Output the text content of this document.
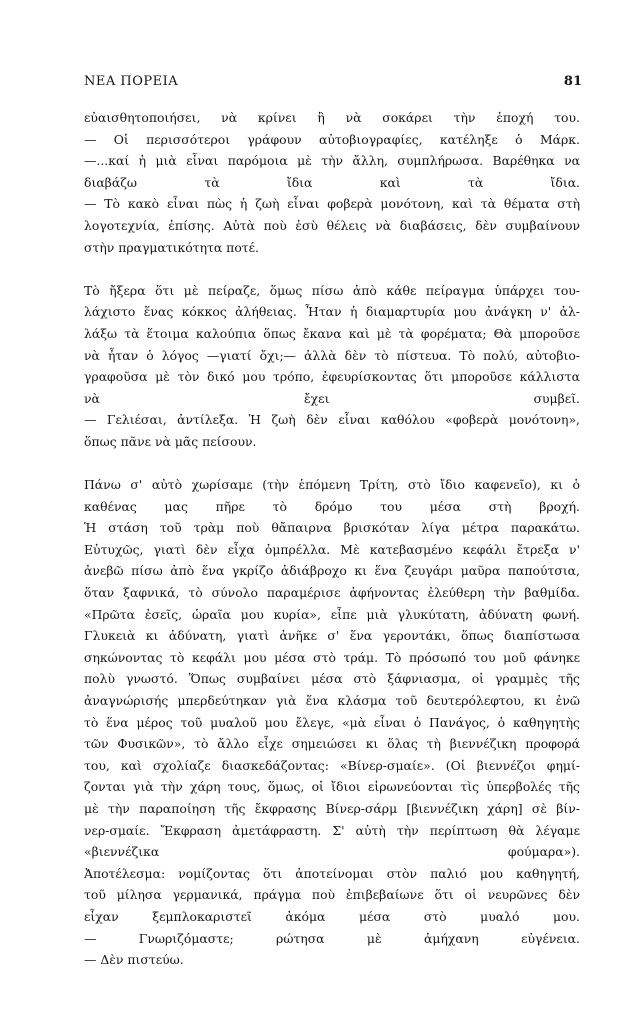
ΝΕΑ ΠΟΡΕΙΑ	81
εὐαισθητοποιήσει, νὰ κρίνει ἢ νὰ σοκάρει τὴν ἐποχή του.
— Οἱ περισσότεροι γράφουν αὐτοβιογραφίες, κατέληξε ὁ Μάρκ.
—...καί ἡ μιὰ εἶναι παρόμοια μὲ τὴν ἄλλη, συμπλήρωσα. Βαρέθηκα να
διαβάζω τὰ ἴδια καὶ τὰ ἴδια.
— Τὸ κακὸ εἶναι πὼς ἡ ζωὴ εἶναι φοβερὰ μονότονη, καὶ τὰ θέματα στὴ
λογοτεχνία, ἐπίσης. Αὐτὰ ποὺ ἐσὺ θέλεις νὰ διαβάσεις, δὲν συμβαίνουν
στὴν πραγματικότητα ποτέ.
Τὸ ἤξερα ὅτι μὲ πείραζε, ὅμως πίσω ἀπὸ κάθε πείραγμα ὑπάρχει του-
λάχιστο ἕνας κόκκος ἀλήθειας. Ἦταν ἡ διαμαρτυρία μου ἀνάγκη ν' ἀλ-
λάξω τὰ ἕτοιμα καλούπια ὅπως ἔκανα καὶ μὲ τὰ φορέματα; Θὰ μποροῦσε
νὰ ἦταν ὁ λόγος —γιατί ὄχι;— ἀλλὰ δὲν τὸ πίστευα. Τὸ πολύ, αὐτοβιο-
γραφοῦσα μὲ τὸν δικό μου τρόπο, ἐφευρίσκοντας ὅτι μποροῦσε κάλλιστα
νὰ ἔχει συμβεῖ.
— Γελιέσαι, ἀντίλεξα. Ἡ ζωὴ δὲν εἶναι καθόλου «φοβερὰ μονότονη»,
ὅπως πᾶνε νὰ μᾶς πείσουν.
Πάνω σ' αὐτὸ χωρίσαμε (τὴν ἑπόμενη Τρίτη, στὸ ἴδιο καφενεῖο), κι ὁ
καθένας μας πῆρε τὸ δρόμο του μέσα στὴ βροχή.
Ἡ στάση τοῦ τρὰμ ποὺ θἄπαιρνα βρισκόταν λίγα μέτρα παρακάτω.
Εὐτυχῶς, γιατὶ δὲν εἶχα ὀμπρέλλα. Μὲ κατεβασμένο κεφάλι ἔτρεξα ν'
ἀνεβῶ πίσω ἀπὸ ἕνα γκρίζο ἀδιάβροχο κι ἕνα ζευγάρι μαῦρα παπούτσια,
ὅταν ξαφνικά, τὸ σύνολο παραμέρισε ἀφήνοντας ἐλεύθερη τὴν βαθμίδα.
«Πρῶτα ἐσεῖς, ὡραῖα μου κυρία», εἶπε μιὰ γλυκύτατη, ἀδύνατη φωνή.
Γλυκειὰ κι ἀδύνατη, γιατὶ ἀνῆκε σ' ἕνα γεροντάκι, ὅπως διαπίστωσα
σηκώνοντας τὸ κεφάλι μου μέσα στὸ τράμ. Τὸ πρόσωπό του μοῦ φάνηκε
πολὺ γνωστό. Ὅπως συμβαίνει μέσα στὸ ξάφνιασμα, οἱ γραμμὲς τῆς
ἀναγνώρισής μπερδεύτηκαν γιὰ ἕνα κλάσμα τοῦ δευτερόλεφτου, κι ἐνῶ
τὸ ἕνα μέρος τοῦ μυαλοῦ μου ἔλεγε, «μὰ εἶναι ὁ Πανάγος, ὁ καθηγητὴς
τῶν Φυσικῶν», τὸ ἄλλο εἶχε σημειώσει κι ὅλας τὴ βιεννέζικη προφορά
του, καὶ σχολίαζε διασκεδάζοντας: «Βίνερ-σμαίε». (Οἱ βιεννέζοι φημί-
ζονται γιὰ τὴν χάρη τους, ὅμως, οἱ ἴδιοι εἰρωνεύονται τὶς ὑπερβολές τῆς
μὲ τὴν παραποίηση τῆς ἔκφρασης Βίνερ-σάρμ [βιεννέζικη χάρη] σὲ βίν-
νερ-σμαίε. Ἔκφραση ἀμετάφραστη. Σ' αὐτὴ τὴν περίπτωση θὰ λέγαμε
«βιεννέζικα φούμαρα»).
Ἀποτέλεσμα: νομίζοντας ὅτι ἀποτείνομαι στὸν παλιό μου καθηγητή,
τοῦ μίλησα γερμανικά, πράγμα ποὺ ἐπιβεβαίωνε ὅτι οἱ νευρῶνες δὲν
εἶχαν ξεμπλοκαριστεῖ ἀκόμα μέσα στὸ μυαλό μου.
— Γνωριζόμαστε; ρώτησα μὲ ἀμήχανη εὐγένεια.
— Δὲν πιστεύω.
